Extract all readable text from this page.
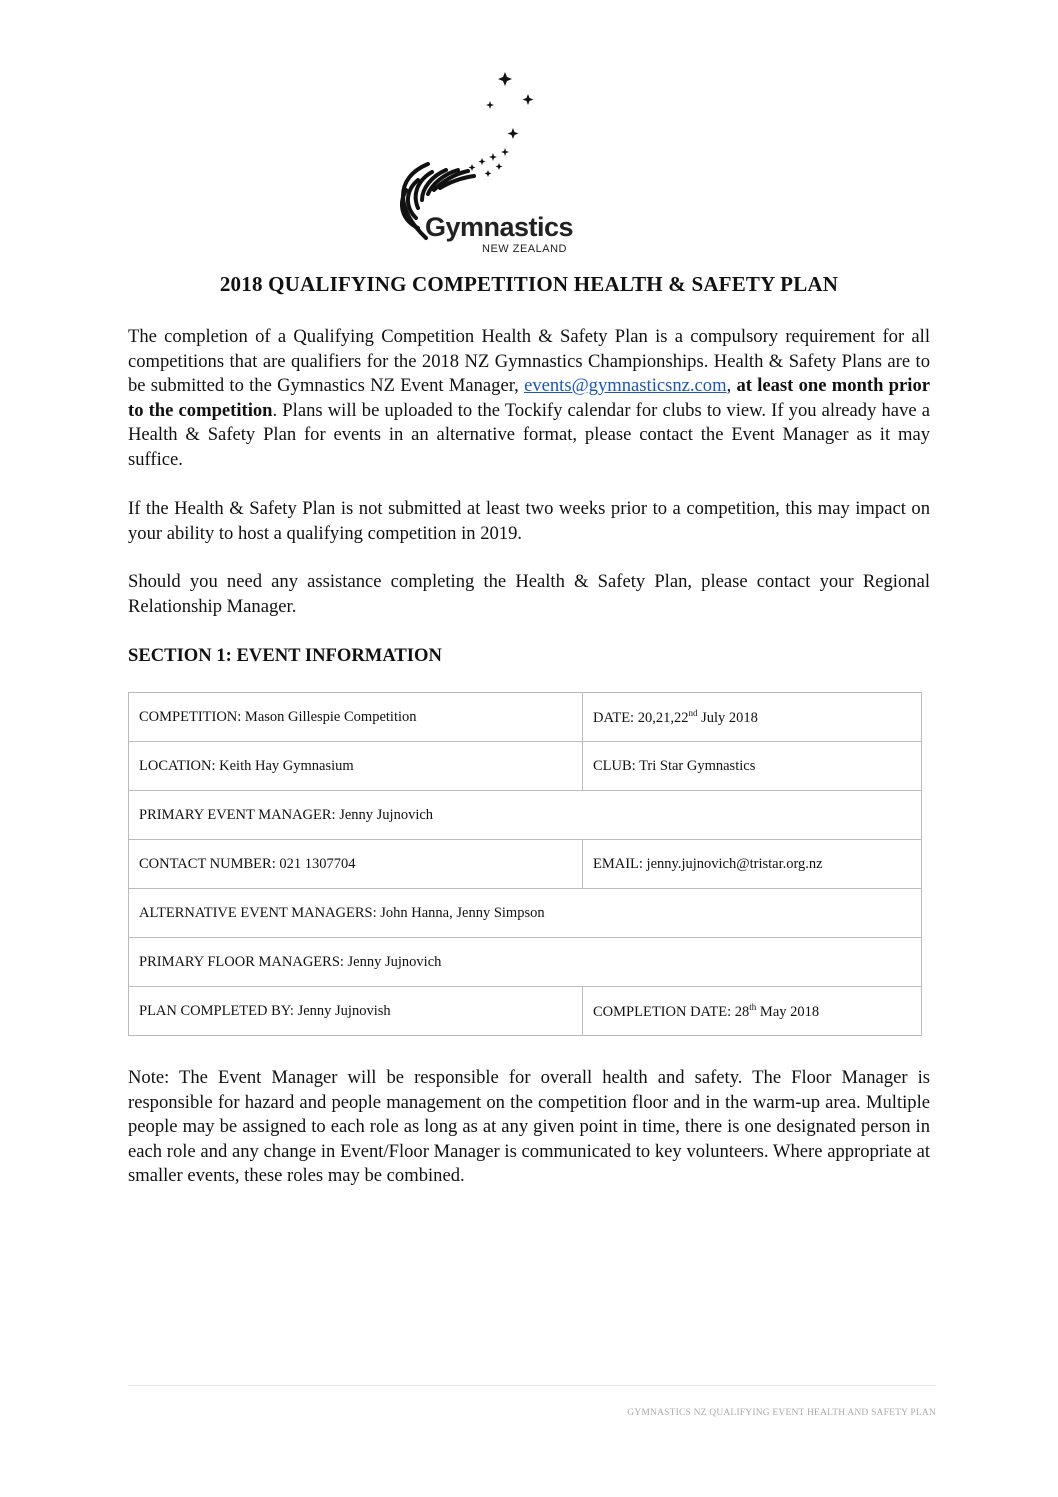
Gymnastics
NEW ZEALAND
2018 QUALIFYING COMPETITION HEALTH & SAFETY PLAN

The completion of a Qualifying Competition Health & Safety Plan is a compulsory requirement for all competitions that are qualifiers for the 2018 NZ Gymnastics Championships. Health & Safety Plans are to be submitted to the Gymnastics NZ Event Manager, events@gymnasticsnz.com, at least one month prior to the competition. Plans will be uploaded to the Tockify calendar for clubs to view. If you already have a Health & Safety Plan for events in an alternative format, please contact the Event Manager as it may suffice.

If the Health & Safety Plan is not submitted at least two weeks prior to a competition, this may impact on your ability to host a qualifying competition in 2019.

Should you need any assistance completing the Health & Safety Plan, please contact your Regional Relationship Manager.

SECTION 1: EVENT INFORMATION
COMPETITION: Mason Gillespie Competition	DATE: 20,21,22nd July 2018
LOCATION: Keith Hay Gymnasium	CLUB: Tri Star Gymnastics
PRIMARY EVENT MANAGER: Jenny Jujnovich	
CONTACT NUMBER: 021 1307704	EMAIL: jenny.jujnovich@tristar.org.nz
ALTERNATIVE EVENT MANAGERS: John Hanna, Jenny Simpson	
PRIMARY FLOOR MANAGERS: Jenny Jujnovich	
PLAN COMPLETED BY: Jenny Jujnovish	COMPLETION DATE: 28th May 2018

Note: The Event Manager will be responsible for overall health and safety. The Floor Manager is responsible for hazard and people management on the competition floor and in the warm-up area. Multiple people may be assigned to each role as long as at any given point in time, there is one designated person in each role and any change in Event/Floor Manager is communicated to key volunteers. Where appropriate at smaller events, these roles may be combined.

GYMNASTICS NZ QUALIFYING EVENT HEALTH AND SAFETY PLAN
